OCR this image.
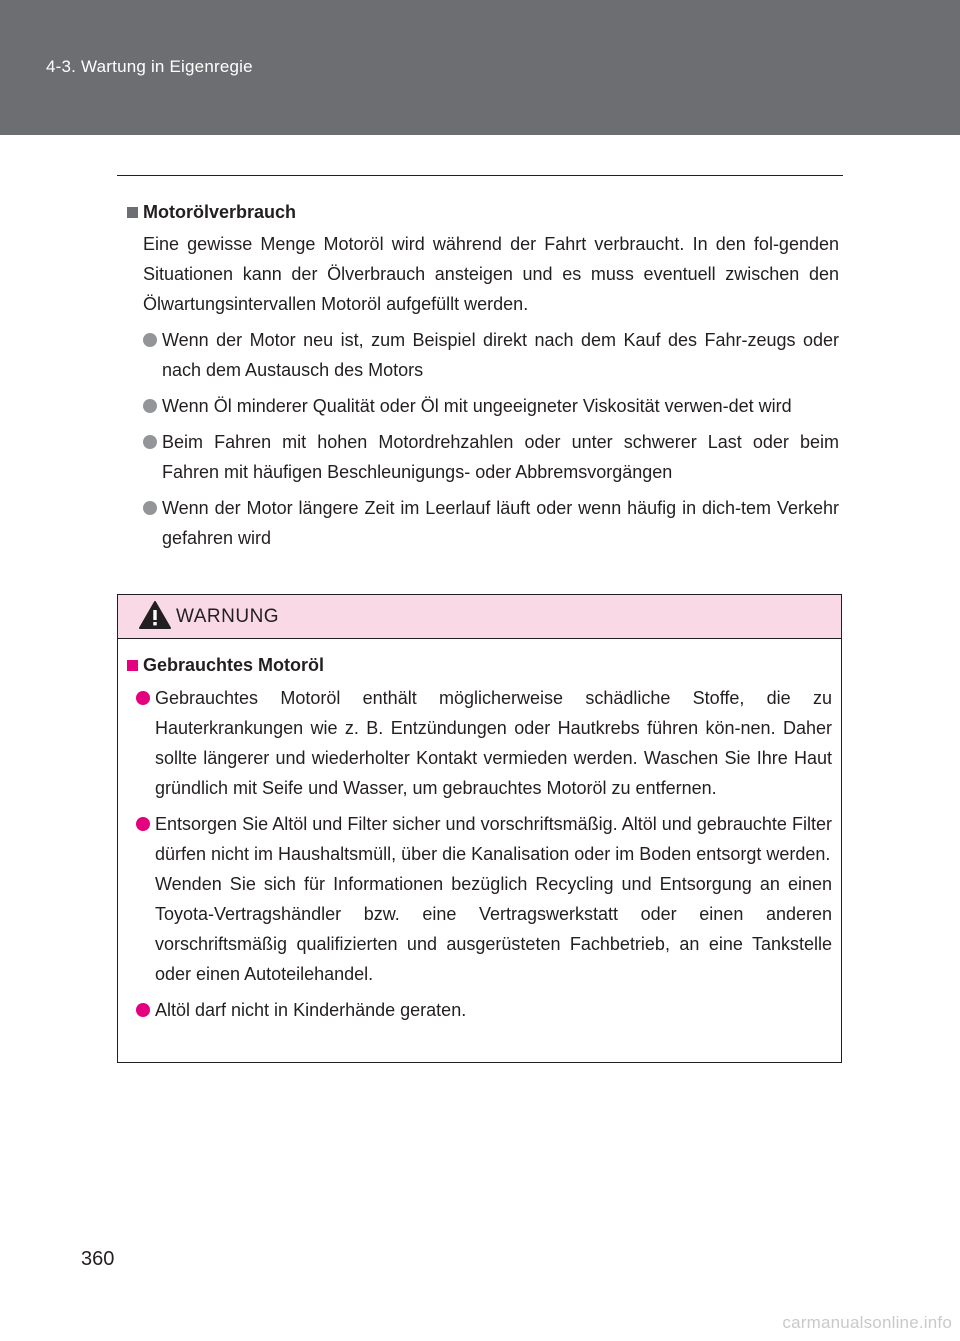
4-3. Wartung in Eigenregie
Motorölverbrauch
Eine gewisse Menge Motoröl wird während der Fahrt verbraucht. In den fol-genden Situationen kann der Ölverbrauch ansteigen und es muss eventuell zwischen den Ölwartungsintervallen Motoröl aufgefüllt werden.
Wenn der Motor neu ist, zum Beispiel direkt nach dem Kauf des Fahr-zeugs oder nach dem Austausch des Motors
Wenn Öl minderer Qualität oder Öl mit ungeeigneter Viskosität verwen-det wird
Beim Fahren mit hohen Motordrehzahlen oder unter schwerer Last oder beim Fahren mit häufigen Beschleunigungs- oder Abbremsvorgängen
Wenn der Motor längere Zeit im Leerlauf läuft oder wenn häufig in dich-tem Verkehr gefahren wird
WARNUNG
Gebrauchtes Motoröl
Gebrauchtes Motoröl enthält möglicherweise schädliche Stoffe, die zu Hauterkrankungen wie z. B. Entzündungen oder Hautkrebs führen kön-nen. Daher sollte längerer und wiederholter Kontakt vermieden werden. Waschen Sie Ihre Haut gründlich mit Seife und Wasser, um gebrauchtes Motoröl zu entfernen.
Entsorgen Sie Altöl und Filter sicher und vorschriftsmäßig. Altöl und gebrauchte Filter dürfen nicht im Haushaltsmüll, über die Kanalisation oder im Boden entsorgt werden.
Wenden Sie sich für Informationen bezüglich Recycling und Entsorgung an einen Toyota-Vertragshändler bzw. eine Vertragswerkstatt oder einen anderen vorschriftsmäßig qualifizierten und ausgerüsteten Fachbetrieb, an eine Tankstelle oder einen Autoteilehandel.
Altöl darf nicht in Kinderhände geraten.
360
carmanualsonline.info
